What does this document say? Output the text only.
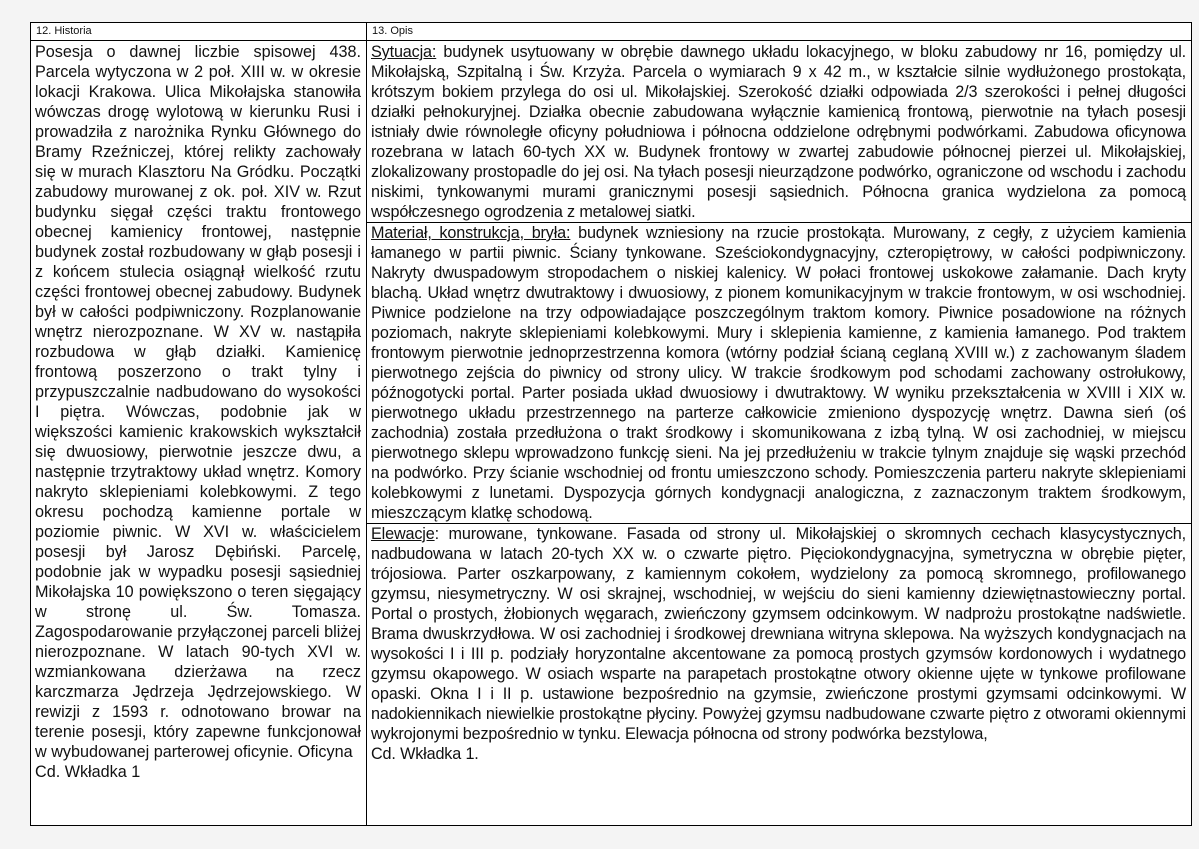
12. Historia
Posesja o dawnej liczbie spisowej 438. Parcela wytyczona w 2 poł. XIII w. w okresie lokacji Krakowa. Ulica Mikołajska stanowiła wówczas drogę wylotową w kierunku Rusi i prowadziła z narożnika Rynku Głównego do Bramy Rzeźniczej, której relikty zachowały się w murach Klasztoru Na Gródku. Początki zabudowy murowanej z ok. poł. XIV w. Rzut budynku sięgał części traktu frontowego obecnej kamienicy frontowej, następnie budynek został rozbudowany w głąb posesji i z końcem stulecia osiągnął wielkość rzutu części frontowej obecnej zabudowy. Budynek był w całości podpiwniczony. Rozplanowanie wnętrz nierozpoznane. W XV w. nastąpiła rozbudowa w głąb działki. Kamienicę frontową poszerzono o trakt tylny i przypuszczalnie nadbudowano do wysokości I piętra. Wówczas, podobnie jak w większości kamienic krakowskich wykształcił się dwuosiowy, pierwotnie jeszcze dwu, a następnie trzytraktowy układ wnętrz. Komory nakryto sklepieniami kolebkowymi. Z tego okresu pochodzą kamienne portale w poziomie piwnic. W XVI w. właścicielem posesji był Jarosz Dębiński. Parcelę, podobnie jak w wypadku posesji sąsiedniej Mikołajska 10 powiększono o teren sięgający w stronę ul. Św. Tomasza. Zagospodarowanie przyłączonej parceli bliżej nierozpoznane. W latach 90-tych XVI w. wzmiankowana dzierżawa na rzecz karczmarza Jędrzeja Jędrzejowskiego. W rewizji z 1593 r. odnotowano browar na terenie posesji, który zapewne funkcjonował w wybudowanej parterowej oficynie. Oficyna
Cd. Wkładka 1
13. Opis

Sytuacja: budynek usytuowany w obrębie dawnego układu lokacyjnego, w bloku zabudowy nr 16, pomiędzy ul. Mikołajską, Szpitalną i Św. Krzyża. Parcela o wymiarach 9 x 42 m., w kształcie silnie wydłużonego prostokąta, krótszym bokiem przylega do osi ul. Mikołajskiej. Szerokość działki odpowiada 2/3 szerokości i pełnej długości działki pełnokuryjnej. Działka obecnie zabudowana wyłącznie kamienicą frontową, pierwotnie na tyłach posesji istniały dwie równoległe oficyny południowa i północna oddzielone odrębnymi podwórkami. Zabudowa oficynowa rozebrana w latach 60-tych XX w. Budynek frontowy w zwartej zabudowie północnej pierzei ul. Mikołajskiej, zlokalizowany prostopadle do jej osi. Na tyłach posesji nieurządzone podwórko, ograniczone od wschodu i zachodu niskimi, tynkowanymi murami granicznymi posesji sąsiednich. Północna granica wydzielona za pomocą współczesnego ogrodzenia z metalowej siatki.

Materiał, konstrukcja, bryła: budynek wzniesiony na rzucie prostokąta. Murowany, z cegły, z użyciem kamienia łamanego w partii piwnic. Ściany tynkowane. Sześciokondygnacyjny, czteropiętrowy, w całości podpiwniczony. Nakryty dwuspadowym stropodachem o niskiej kalenicy. W połaci frontowej uskokowe załamanie. Dach kryty blachą. Układ wnętrz dwutraktowy i dwuosiowy, z pionem komunikacyjnym w trakcie frontowym, w osi wschodniej. Piwnice podzielone na trzy odpowiadające poszczególnym traktom komory. Piwnice posadowione na różnych poziomach, nakryte sklepieniami kolebkowymi. Mury i sklepienia kamienne, z kamienia łamanego. Pod traktem frontowym pierwotnie jednoprzestrzenna komora (wtórny podział ścianą ceglaną XVIII w.) z zachowanym śladem pierwotnego zejścia do piwnicy od strony ulicy. W trakcie środkowym pod schodami zachowany ostrołukowy, późnogotycki portal. Parter posiada układ dwuosiowy i dwutraktowy. W wyniku przekształcenia w XVIII i XIX w. pierwotnego układu przestrzennego na parterze całkowicie zmieniono dyspozycję wnętrz. Dawna sień (oś zachodnia) została przedłużona o trakt środkowy i skomunikowana z izbą tylną. W osi zachodniej, w miejscu pierwotnego sklepu wprowadzono funkcję sieni. Na jej przedłużeniu w trakcie tylnym znajduje się wąski przechód na podwórko. Przy ścianie wschodniej od frontu umieszczono schody. Pomieszczenia parteru nakryte sklepieniami kolebkowymi z lunetami. Dyspozycja górnych kondygnacji analogiczna, z zaznaczonym traktem środkowym, mieszczącym klatkę schodową.

Elewacje: murowane, tynkowane. Fasada od strony ul. Mikołajskiej o skromnych cechach klasycystycznych, nadbudowana w latach 20-tych XX w. o czwarte piętro. Pięciokondygnacyjna, symetryczna w obrębie pięter, trójosiowa. Parter oszkarpowany, z kamiennym cokołem, wydzielony za pomocą skromnego, profilowanego gzymsu, niesymetryczny. W osi skrajnej, wschodniej, w wejściu do sieni kamienny dziewiętnastowieczny portal. Portal o prostych, żłobionych węgarach, zwieńczony gzymsem odcinkowym. W nadprożu prostokątne nadświetle. Brama dwuskrzydłowa. W osi zachodniej i środkowej drewniana witryna sklepowa. Na wyższych kondygnacjach na wysokości I i III p. podziały horyzontalne akcentowane za pomocą prostych gzymsów kordonowych i wydatnego gzymsu okapowego. W osiach wsparte na parapetach prostokątne otwory okienne ujęte w tynkowe profilowane opaski. Okna I i II p. ustawione bezpośrednio na gzymsie, zwieńczone prostymi gzymsami odcinkowymi. W nadokiennikach niewielkie prostokątne płyciny. Powyżej gzymsu nadbudowane czwarte piętro z otworami okiennymi wykrojonymi bezpośrednio w tynku. Elewacja północna od strony podwórka bezstylowa,

Cd. Wkładka 1.
